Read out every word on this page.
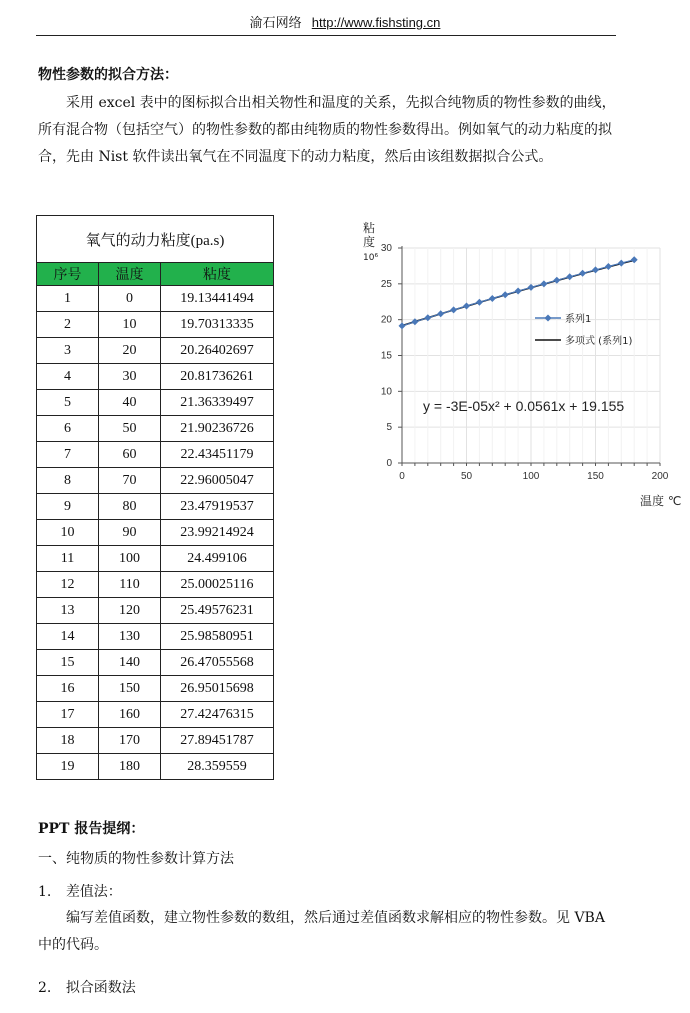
渝石网络 http://www.fishsting.cn
物性参数的拟合方法：
采用 excel 表中的图标拟合出相关物性和温度的关系，先拟合纯物质的物性参数的曲线，所有混合物（包括空气）的物性参数的都由纯物质的物性参数得出。例如氧气的动力粘度的拟合，先由 Nist 软件读出氧气在不同温度下的动力粘度，然后由该组数据拟合公式。
氧气的动力粘度(pa.s)		
序号	温度	粘度
1	0	19.13441494
2	10	19.70313335
3	20	20.26402697
4	30	20.81736261
5	40	21.36339497
6	50	21.90236726
7	60	22.43451179
8	70	22.96005047
9	80	23.47919537
10	90	23.99214924
11	100	24.499106
12	110	25.00025116
13	120	25.49576231
14	130	25.98580951
15	140	26.47055568
16	150	26.95015698
17	160	27.42476315
18	170	27.89451787
19	180	28.359559
0
5
10
15
20
25
30
0	50	100	150	200
粘
度
10⁶
温度 ℃
系列1
多项式 (系列1)
y = -3E-05x² + 0.0561x + 19.155
PPT 报告提纲：
一、纯物质的物性参数计算方法
1. 差值法：
编写差值函数，建立物性参数的数组，然后通过差值函数求解相应的物性参数。见 VBA 中的代码。
2. 拟合函数法
